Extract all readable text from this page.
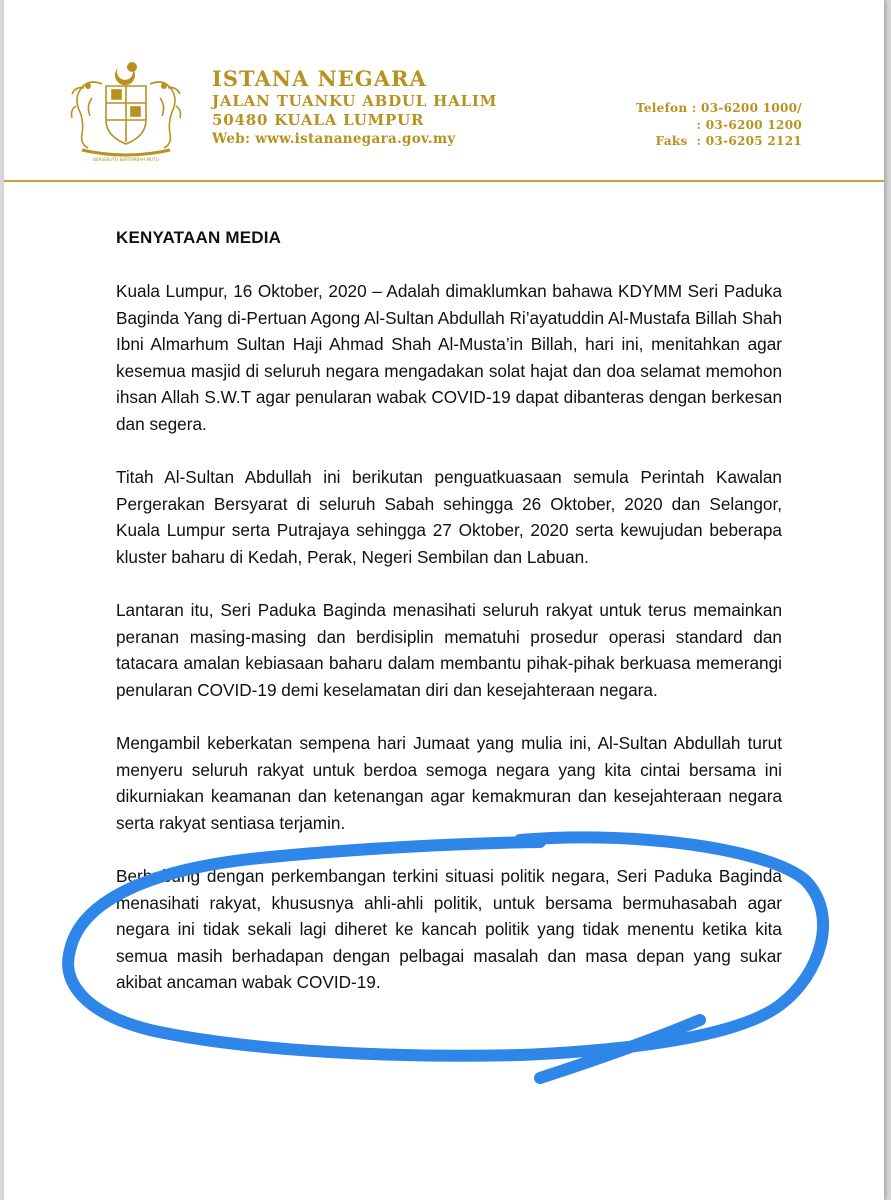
BERSEKUTU BERTAMBAH MUTU
ISTANA NEGARA
JALAN TUANKU ABDUL HALIM
50480 KUALA LUMPUR
Web: www.istananegara.gov.my
Telefon : 03-6200 1000/
: 03-6200 1200
Faks  : 03-6205 2121
KENYATAAN MEDIA

Kuala Lumpur, 16 Oktober, 2020 – Adalah dimaklumkan bahawa KDYMM Seri Paduka Baginda Yang di-Pertuan Agong Al-Sultan Abdullah Ri’ayatuddin Al-Mustafa Billah Shah Ibni Almarhum Sultan Haji Ahmad Shah Al-Musta’in Billah, hari ini, menitahkan agar kesemua masjid di seluruh negara mengadakan solat hajat dan doa selamat memohon ihsan Allah S.W.T agar penularan wabak COVID-19 dapat dibanteras dengan berkesan dan segera.

Titah Al-Sultan Abdullah ini berikutan penguatkuasaan semula Perintah Kawalan Pergerakan Bersyarat di seluruh Sabah sehingga 26 Oktober, 2020 dan Selangor, Kuala Lumpur serta Putrajaya sehingga 27 Oktober, 2020 serta kewujudan beberapa kluster baharu di Kedah, Perak, Negeri Sembilan dan Labuan.

Lantaran itu, Seri Paduka Baginda menasihati seluruh rakyat untuk terus memainkan peranan masing-masing dan berdisiplin mematuhi prosedur operasi standard dan tatacara amalan kebiasaan baharu dalam membantu pihak-pihak berkuasa memerangi penularan COVID-19 demi keselamatan diri dan kesejahteraan negara.

Mengambil keberkatan sempena hari Jumaat yang mulia ini, Al-Sultan Abdullah turut menyeru seluruh rakyat untuk berdoa semoga negara yang kita cintai bersama ini dikurniakan keamanan dan ketenangan agar kemakmuran dan kesejahteraan negara serta rakyat sentiasa terjamin.

Berhubung dengan perkembangan terkini situasi politik negara, Seri Paduka Baginda menasihati rakyat, khususnya ahli-ahli politik, untuk bersama bermuhasabah agar negara ini tidak sekali lagi diheret ke kancah politik yang tidak menentu ketika kita semua masih berhadapan dengan pelbagai masalah dan masa depan yang sukar akibat ancaman wabak COVID-19.
